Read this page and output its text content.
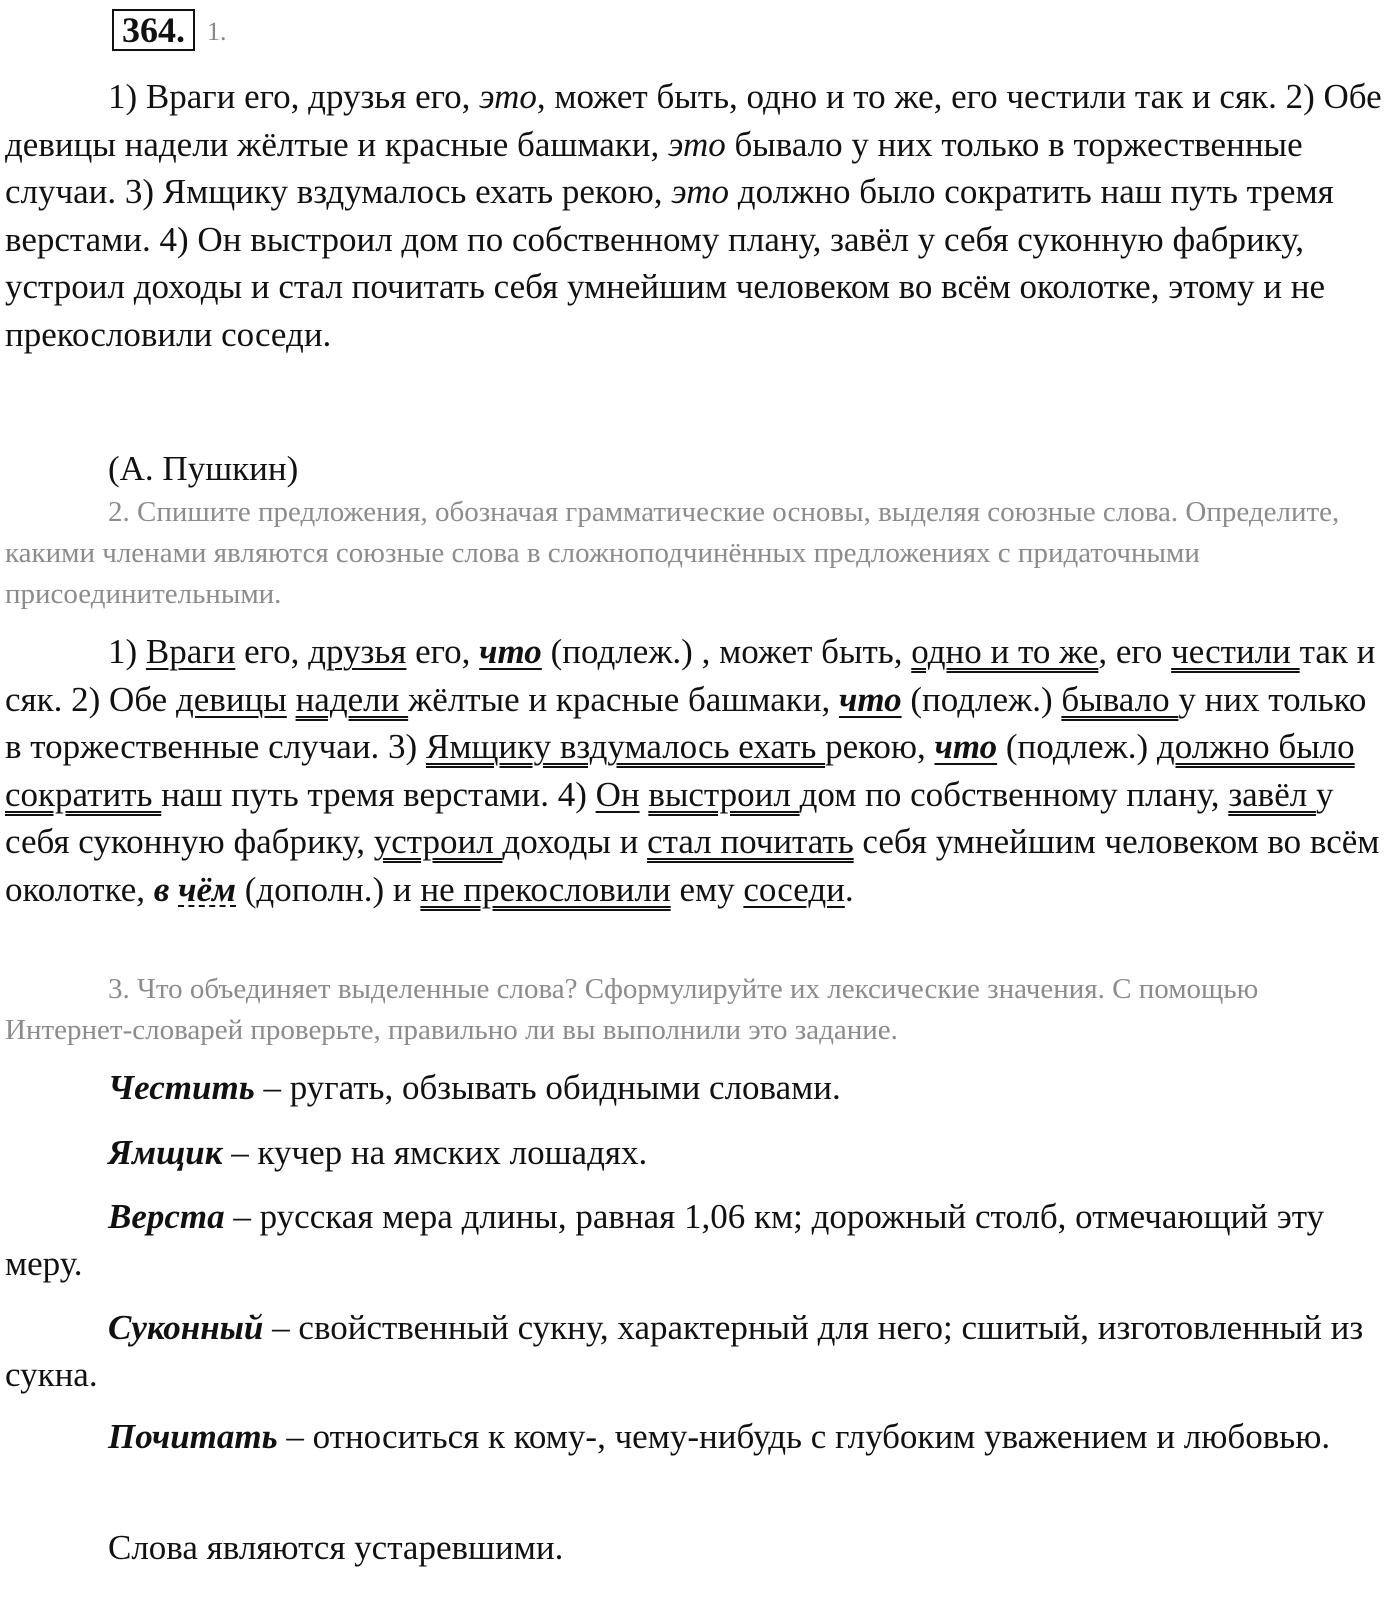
364. 1.

1) Враги его, друзья его, это, может быть, одно и то же, его честили так и сяк. 2) Обе девицы надели жёлтые и красные башмаки, это бывало у них только в торжественные случаи. 3) Ямщику вздумалось ехать рекою, это должно было сократить наш путь тремя верстами. 4) Он выстроил дом по собственному плану, завёл у себя суконную фабрику, устроил доходы и стал почитать себя умнейшим человеком во всём околотке, этому и не прекословили соседи.

(А. Пушкин)

2. Спишите предложения, обозначая грамматические основы, выделяя союзные слова. Определите, какими членами являются союзные слова в сложноподчинённых предложениях с придаточными присоединительными.

1) Враги его, друзья его, что (подлеж.) , может быть, одно и то же, его честили так и сяк. 2) Обе девицы надели жёлтые и красные башмаки, что (подлеж.) бывало у них только в торжественные случаи. 3) Ямщику вздумалось ехать рекою, что (подлеж.) должно было сократить наш путь тремя верстами. 4) Он выстроил дом по собственному плану, завёл у себя суконную фабрику, устроил доходы и стал почитать себя умнейшим человеком во всём околотке, в чём (дополн.) и не прекословили ему соседи.

3. Что объединяет выделенные слова? Сформулируйте их лексические значения. С помощью Интернет-словарей проверьте, правильно ли вы выполнили это задание.

Честить – ругать, обзывать обидными словами.

Ямщик – кучер на ямских лошадях.

Верста – русская мера длины, равная 1,06 км; дорожный столб, отмечающий эту меру.

Суконный – свойственный сукну, характерный для него; сшитый, изготовленный из сукна.

Почитать – относиться к кому-, чему-нибудь с глубоким уважением и любовью.

Слова являются устаревшими.
